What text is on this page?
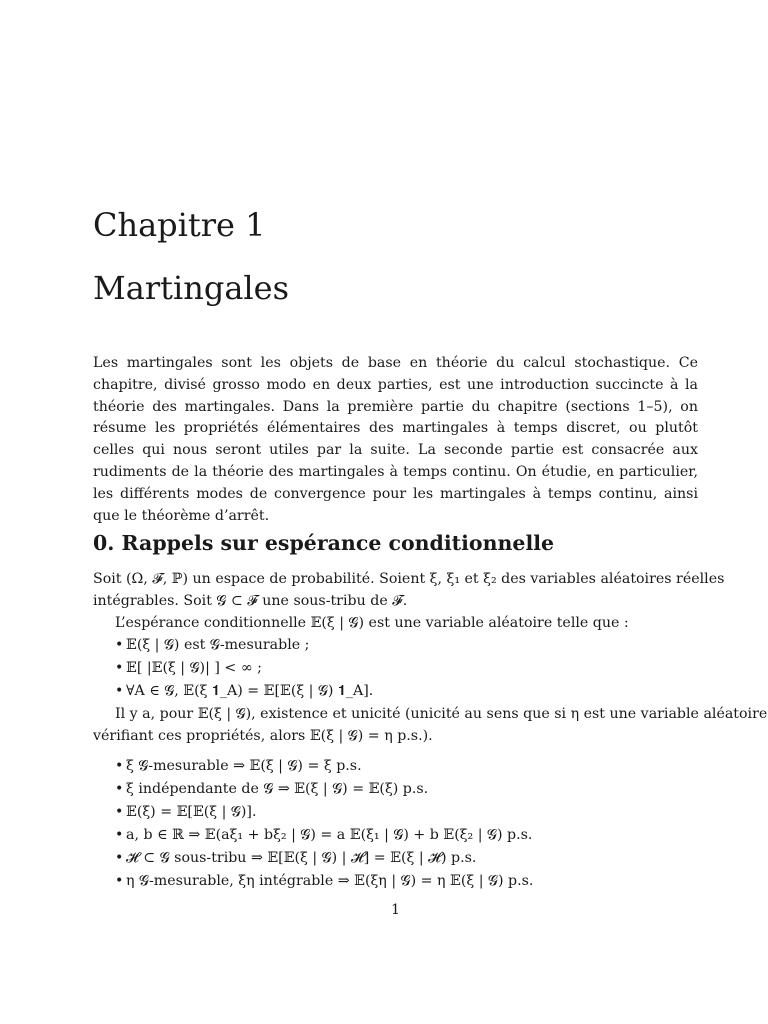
Chapitre 1
Martingales

Les martingales sont les objets de base en théorie du calcul stochastique. Ce chapitre, divisé grosso modo en deux parties, est une introduction succincte à la théorie des martingales. Dans la première partie du chapitre (sections 1–5), on résume les propriétés élémentaires des martingales à temps discret, ou plutôt celles qui nous seront utiles par la suite. La seconde partie est consacrée aux rudiments de la théorie des martingales à temps continu. On étudie, en particulier, les différents modes de convergence pour les martingales à temps continu, ainsi que le théorème d’arrêt.

0. Rappels sur espérance conditionnelle
Soit (Ω, 𝓕, ℙ) un espace de probabilité. Soient ξ, ξ₁ et ξ₂ des variables aléatoires réelles
intégrables. Soit 𝓖 ⊂ 𝓕 une sous-tribu de 𝓕.
L’espérance conditionnelle 𝔼(ξ | 𝓖) est une variable aléatoire telle que :
• 𝔼(ξ | 𝓖) est 𝓖-mesurable ;
• 𝔼[ |𝔼(ξ | 𝓖)| ] < ∞ ;
• ∀A ∈ 𝓖, 𝔼(ξ 𝟏_A) = 𝔼[𝔼(ξ | 𝓖) 𝟏_A].
Il y a, pour 𝔼(ξ | 𝓖), existence et unicité (unicité au sens que si η est une variable aléatoire
vérifiant ces propriétés, alors 𝔼(ξ | 𝓖) = η p.s.).
• ξ 𝓖-mesurable ⇒ 𝔼(ξ | 𝓖) = ξ p.s.
• ξ indépendante de 𝓖 ⇒ 𝔼(ξ | 𝓖) = 𝔼(ξ) p.s.
• 𝔼(ξ) = 𝔼[𝔼(ξ | 𝓖)].
• a, b ∈ ℝ ⇒ 𝔼(aξ₁ + bξ₂ | 𝓖) = a 𝔼(ξ₁ | 𝓖) + b 𝔼(ξ₂ | 𝓖) p.s.
• 𝓗 ⊂ 𝓖 sous-tribu ⇒ 𝔼[𝔼(ξ | 𝓖) | 𝓗] = 𝔼(ξ | 𝓗) p.s.
• η 𝓖-mesurable, ξη intégrable ⇒ 𝔼(ξη | 𝓖) = η 𝔼(ξ | 𝓖) p.s.
1
